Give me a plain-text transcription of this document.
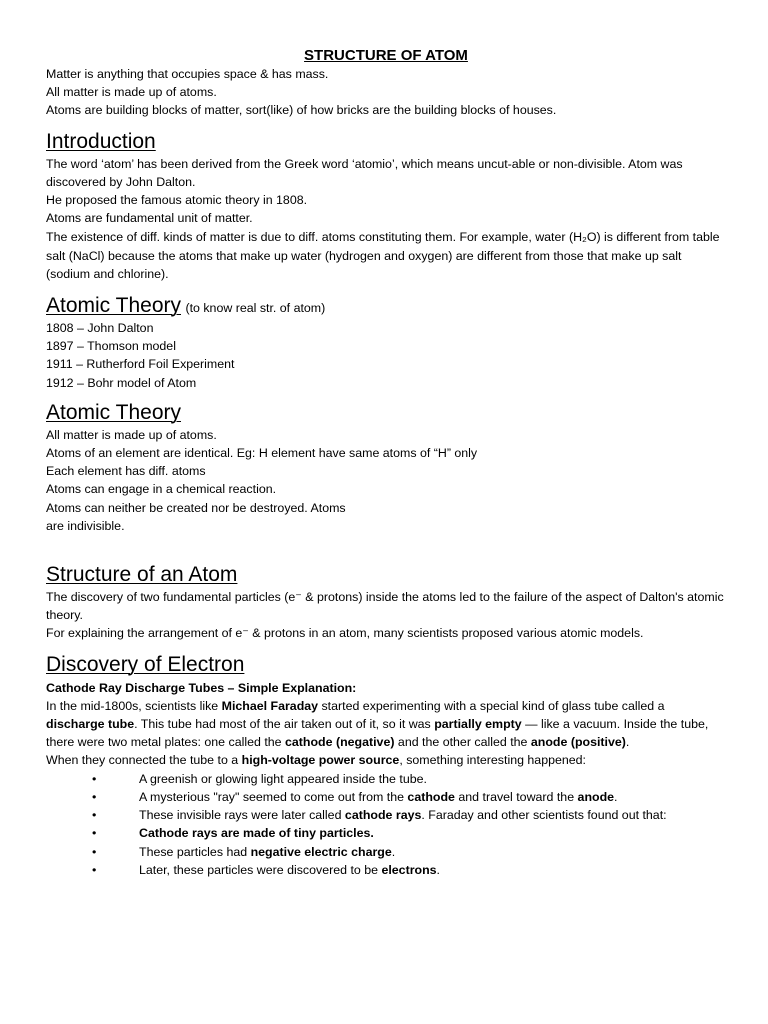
STRUCTURE OF ATOM

Matter is anything that occupies space & has mass.

All matter is made up of atoms.

Atoms are building blocks of matter, sort(like) of how bricks are the building blocks of houses.

Introduction

The word ‘atom’ has been derived from the Greek word ‘atomio’, which means uncut-able or non-divisible. Atom was discovered by John Dalton.

He proposed the famous atomic theory in 1808.

Atoms are fundamental unit of matter.

The existence of diff. kinds of matter is due to diff. atoms constituting them. For example, water (H₂O) is different from table salt (NaCl) because the atoms that make up water (hydrogen and oxygen) are different from those that make up salt (sodium and chlorine).

Atomic Theory (to know real str. of atom)

1808 – John Dalton

1897 – Thomson model

1911 – Rutherford Foil Experiment

1912 – Bohr model of Atom

Atomic Theory

All matter is made up of atoms.

Atoms of an element are identical. Eg: H element have same atoms of “H” only

Each element has diff. atoms

Atoms can engage in a chemical reaction.

Atoms can neither be created nor be destroyed. Atoms

are indivisible.

Structure of an Atom

The discovery of two fundamental particles (e⁻ & protons) inside the atoms led to the failure of the aspect of Dalton's atomic theory.

For explaining the arrangement of e⁻ & protons in an atom, many scientists proposed various atomic models.

Discovery of Electron

Cathode Ray Discharge Tubes – Simple Explanation:

In the mid-1800s, scientists like Michael Faraday started experimenting with a special kind of glass tube called a discharge tube. This tube had most of the air taken out of it, so it was partially empty — like a vacuum. Inside the tube, there were two metal plates: one called the cathode (negative) and the other called the anode (positive).

When they connected the tube to a high-voltage power source, something interesting happened:

•	A greenish or glowing light appeared inside the tube.
•	A mysterious "ray" seemed to come out from the cathode and travel toward the anode.
•	These invisible rays were later called cathode rays. Faraday and other scientists found out that:
•	Cathode rays are made of tiny particles.
•	These particles had negative electric charge.
•	Later, these particles were discovered to be electrons.
